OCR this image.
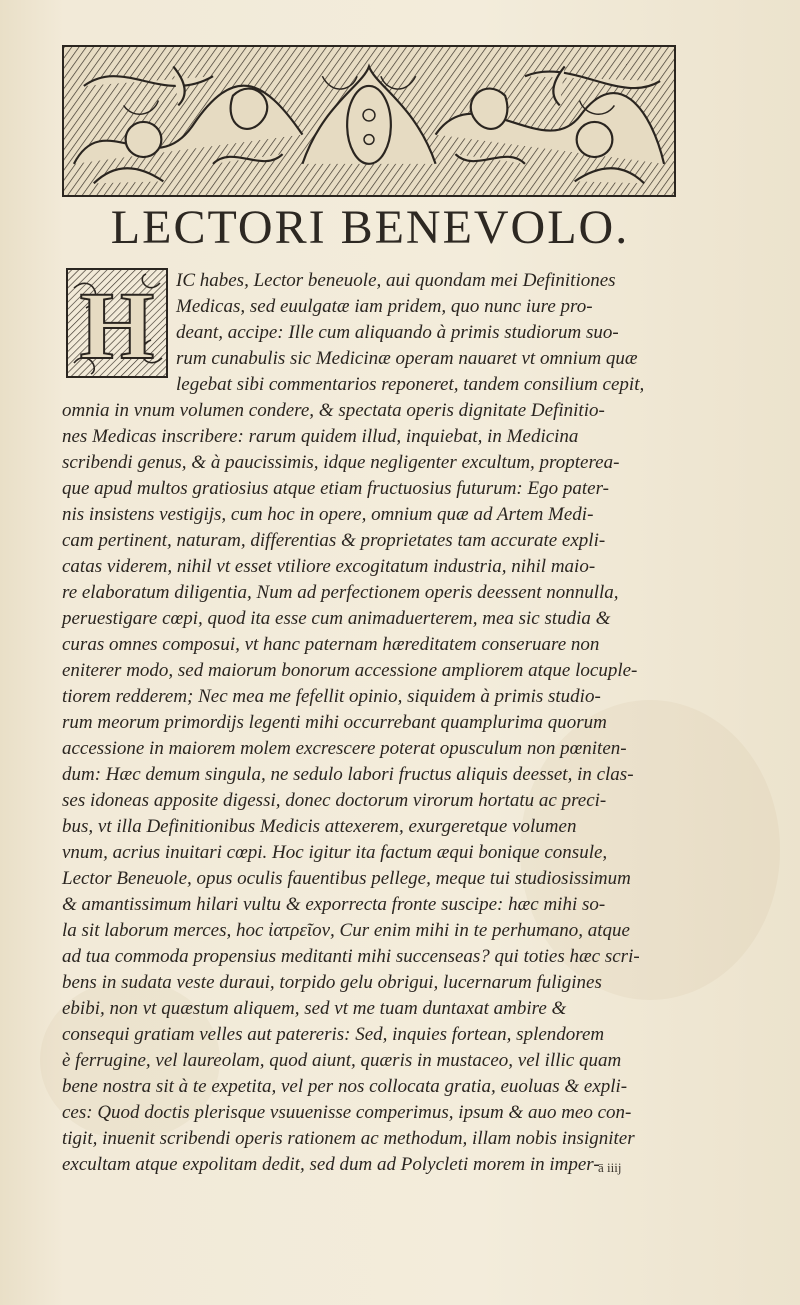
LECTORI BENEVOLO.
H IC habes, Lector beneuole, aui quondam mei Definitiones
Medicas, sed euulgatæ iam pridem, quo nunc iure pro-
deant, accipe: Ille cum aliquando à primis studiorum suo-
rum cunabulis sic Medicinæ operam nauaret vt omnium quæ
legebat sibi commentarios reponeret, tandem consilium cepit,
omnia in vnum volumen condere, & spectata operis dignitate Definitio-
nes Medicas inscribere: rarum quidem illud, inquiebat, in Medicina
scribendi genus, & à paucissimis, idque negligenter excultum, propterea-
que apud multos gratiosius atque etiam fructuosius futurum: Ego pater-
nis insistens vestigijs, cum hoc in opere, omnium quæ ad Artem Medi-
cam pertinent, naturam, differentias & proprietates tam accurate expli-
catas viderem, nihil vt esset vtiliore excogitatum industria, nihil maio-
re elaboratum diligentia, Num ad perfectionem operis deessent nonnulla,
peruestigare cœpi, quod ita esse cum animaduerterem, mea sic studia &
curas omnes composui, vt hanc paternam hæreditatem conseruare non
eniterer modo, sed maiorum bonorum accessione ampliorem atque locuple-
tiorem redderem; Nec mea me fefellit opinio, siquidem à primis studio-
rum meorum primordijs legenti mihi occurrebant quamplurima quorum
accessione in maiorem molem excrescere poterat opusculum non pœniten-
dum: Hæc demum singula, ne sedulo labori fructus aliquis deesset, in clas-
ses idoneas apposite digessi, donec doctorum virorum hortatu ac preci-
bus, vt illa Definitionibus Medicis attexerem, exurgeretque volumen
vnum, acrius inuitari cœpi. Hoc igitur ita factum æqui bonique consule,
Lector Beneuole, opus oculis fauentibus pellege, meque tui studiosissimum
& amantissimum hilari vultu & exporrecta fronte suscipe: hæc mihi so-
la sit laborum merces, hoc ἰατρεῖον, Cur enim mihi in te perhumano, atque
ad tua commoda propensius meditanti mihi succenseas? qui toties hæc scri-
bens in sudata veste duraui, torpido gelu obrigui, lucernarum fuligines
ebibi, non vt quæstum aliquem, sed vt me tuam duntaxat ambire &
consequi gratiam velles aut patereris: Sed, inquies fortean, splendorem
è ferrugine, vel laureolam, quod aiunt, quæris in mustaceo, vel illic quam
bene nostra sit à te expetita, vel per nos collocata gratia, euoluas & expli-
ces: Quod doctis plerisque vsuuenisse comperimus, ipsum & auo meo con-
tigit, inuenit scribendi operis rationem ac methodum, illam nobis insigniter
excultam atque expolitam dedit, sed dum ad Polycleti morem in imper-
ā iiij
